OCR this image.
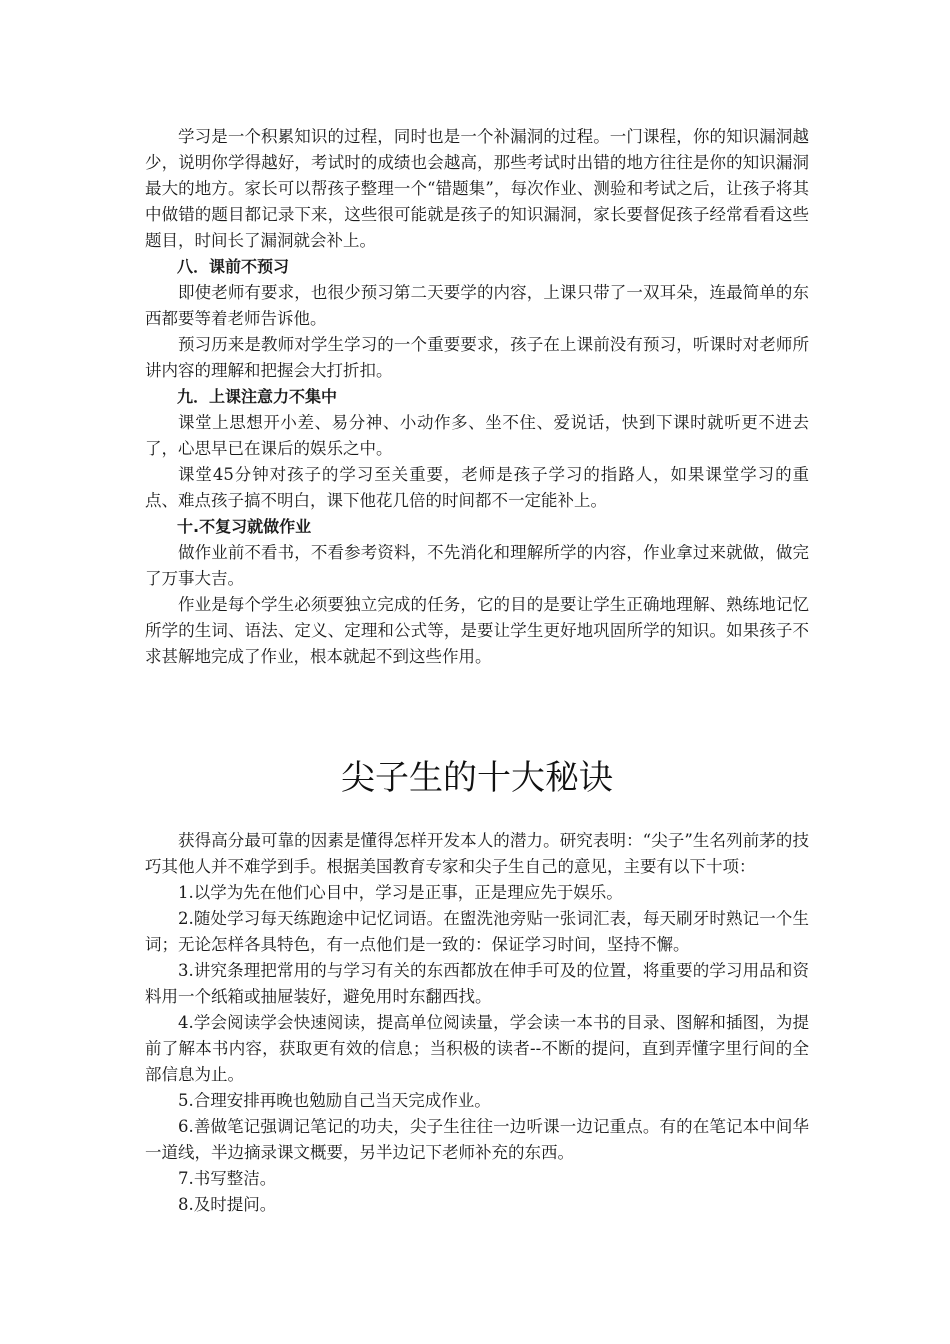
学习是一个积累知识的过程，同时也是一个补漏洞的过程。一门课程，你的知识漏洞越少，说明你学得越好，考试时的成绩也会越高，那些考试时出错的地方往往是你的知识漏洞最大的地方。家长可以帮孩子整理一个“错题集”，每次作业、测验和考试之后，让孩子将其中做错的题目都记录下来，这些很可能就是孩子的知识漏洞，家长要督促孩子经常看看这些题目，时间长了漏洞就会补上。

八．课前不预习

即使老师有要求，也很少预习第二天要学的内容，上课只带了一双耳朵，连最简单的东西都要等着老师告诉他。

预习历来是教师对学生学习的一个重要要求，孩子在上课前没有预习，听课时对老师所讲内容的理解和把握会大打折扣。

九．上课注意力不集中

课堂上思想开小差、易分神、小动作多、坐不住、爱说话，快到下课时就听更不进去了，心思早已在课后的娱乐之中。

课堂45分钟对孩子的学习至关重要，老师是孩子学习的指路人，如果课堂学习的重点、难点孩子搞不明白，课下他花几倍的时间都不一定能补上。

十.不复习就做作业

做作业前不看书，不看参考资料，不先消化和理解所学的内容，作业拿过来就做，做完了万事大吉。

作业是每个学生必须要独立完成的任务，它的目的是要让学生正确地理解、熟练地记忆所学的生词、语法、定义、定理和公式等，是要让学生更好地巩固所学的知识。如果孩子不求甚解地完成了作业，根本就起不到这些作用。

尖子生的十大秘诀

获得高分最可靠的因素是懂得怎样开发本人的潜力。研究表明：“尖子”生名列前茅的技巧其他人并不难学到手。根据美国教育专家和尖子生自己的意见，主要有以下十项：

1.以学为先在他们心目中，学习是正事，正是理应先于娱乐。

2.随处学习每天练跑途中记忆词语。在盥洗池旁贴一张词汇表，每天刷牙时熟记一个生词；无论怎样各具特色，有一点他们是一致的：保证学习时间，坚持不懈。

3.讲究条理把常用的与学习有关的东西都放在伸手可及的位置，将重要的学习用品和资料用一个纸箱或抽屉装好，避免用时东翻西找。

4.学会阅读学会快速阅读，提高单位阅读量，学会读一本书的目录、图解和插图，为提前了解本书内容，获取更有效的信息；当积极的读者--不断的提问，直到弄懂字里行间的全部信息为止。

5.合理安排再晚也勉励自己当天完成作业。

6.善做笔记强调记笔记的功夫，尖子生往往一边听课一边记重点。有的在笔记本中间华一道线，半边摘录课文概要，另半边记下老师补充的东西。

7.书写整洁。

8.及时提问。
